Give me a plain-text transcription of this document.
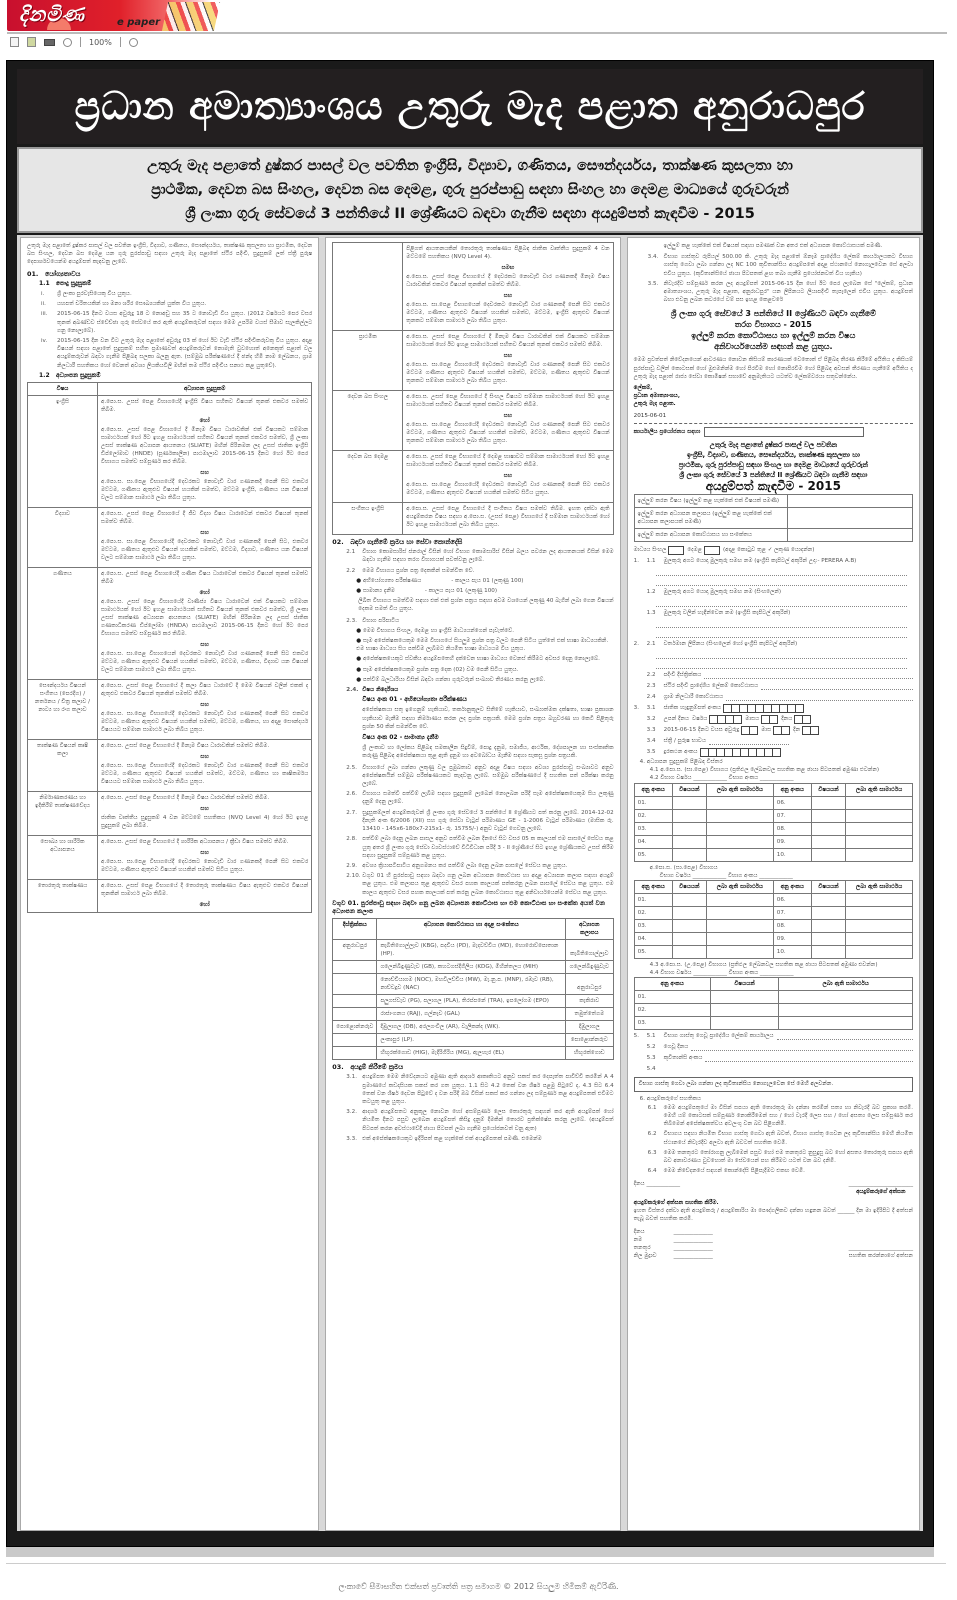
දිනමිණ	e paper
100%
ප්‍රධාන අමාත්‍යාංශය උතුරු මැද පළාත අනුරාධපුර

උතුරු මැද පළාතේ දුෂ්කර පාසල් වල පවතින ඉංග්‍රීසි, විද්‍යාව, ගණිතය, සෞන්දර්යය, තාක්ෂණ කුසලතා හා

ප්‍රාථමික, දෙවන බස සිංහල, දෙවන බස දෙමළ, ගුරු පුරප්පාඩු සඳහා සිංහල හා දෙමළ මාධ්‍යයේ ගුරුවරුන්

ශ්‍රී ලංකා ගුරු සේවයේ 3 පන්තියේ II ශ්‍රේණියට බඳවා ගැනීම සඳහා අයදුම්පත් කැඳවීම - 2015

උතුරු මැද පළාතේ දුෂ්කර පාසල් වල පවතින ඉංග්‍රීසි, විද්‍යාව, ගණිතය, සෞන්දර්යය, තාක්ෂණ කුසලතා හා ප්‍රාථමික, දෙවන බස සිංහල, දෙවන බස දෙමළ යන ගුරු පුරප්පාඩු සඳහා උතුරු මැද පළාතේ ස්ථිර පදිංචි, සුදුසුකම් ලත් ස්ත්‍රී පුරුෂ දෙපාර්ශවයෙන්ම අයදුම්පත් කැඳවනු ලැබේ.
01. යෝග්‍යතාවය
1.1 පොදු සුදුසුකම්
i.	ශ්‍රී ලංකා පුරවැසියෙකු විය යුතුය.
ii.	යහපත් චරිතයකින් හා මනා ශරීර සෞඛ්‍යයකින් යුක්ත විය යුතුය.
iii.	2015-06-15 දිනට වයස අවුරුදු 18 ට නොඅඩු සහ 35 ට නොවැඩි විය යුතුය. (2012 වර්ෂයට පෙර වසර තුනක් අඛණ්ඩව ස්වේච්ඡා ගුරු සේවයේ කර ඇති අයදුම්කරුවන් සඳහා මෙම උපරිම වයස් සීමාව සැලකිල්ලට ගනු නොලැබේ).
iv.	2015-06-15 දින වන විට උතුරු මැද පළාතේ අවුරුදු 03 ක් හෝ ඊට වැඩි ස්ථිර පදිංචිකරුවකු විය යුතුය. අදාළ විෂයන් සඳහා පළාතේ සුදුසුකම් සහිත ප්‍රමාණවත් අයදුම්කරුවන් නොමැති වුවහොත් අනෙකුත් පළාත් වල අයදුම්කරුවන් බඳවා ගැනීම පිළිබඳ සලකා බලනු ඇත. (සම්මුඛ පරීක්ෂණයේ දී ඡන්ද හිමි නාම ලේඛනය, ග්‍රාම නිලධාරී සහතිකය හෝ වෙනත් අවශ්‍ය ලියකියවිලි මඟින් තම ස්ථිර පදිංචිය සනාථ කළ යුතුවේ).
1.2 අධ්‍යාපන සුදුසුකම්
විෂය	අධ්‍යාපන සුදුසුකම්
ඉංග්‍රීසි	අ.පො.ස. උසස් පෙළ විභාගයේදී ඉංග්‍රීසි විෂය සහිතව විෂයන් තුනක් එකවර සමත්ව තිබීම.
හෝ
අ.පො.ස. උසස් පෙළ විභාගයේ දී මිනැම විෂය ධාරාවකින් එක් විෂයකට සම්මාන සාමාර්ථයක් හෝ ඊට ඉහළ සාමාර්ථයක් සහිතව විෂයන් තුනක් එකවර සමත්ව, ශ්‍රී ලංකා උසස් තාක්ෂණ අධ්‍යාපන ආයතනය (SLIATE) මඟින් පිරිනමන ලද උසස් ජාතික ඉංග්‍රීසි ඩිප්ලෝමාව (HNDE) (පූර්ණකාලීන) පාඨමාලාව 2015-06-15 දිනට හෝ ඊට පෙර විභාගය සමත්ව සම්පූර්ණ කර තිබීම.
සහ
අ.පො.ස. සා.පෙළ විභාගයේදී දෙවරකට නොවැඩි වාර ගණනකදී පෙනී සිට එකවර මට්ටම, ගණිතය ඇතුළුව විෂයන් හයකින් සමත්ව, මට්ටම ඉංග්‍රීසි, ගණිතය යන විෂයන් වලට සම්මාන සාමාර්ථ ලබා තිබිය යුතුය.

විද්‍යාව	අ.පො.ස. උසස් පෙළ විභාගයේ දී ජීව විද්‍යා විෂය ධාරාවෙන් එකවර විෂයන් තුනක් සමත්ව තිබීම.
සහ
අ.පො.ස. සා.පෙළ විභාගයේදී දෙවරකට නොවැඩි වාර ගණනකදී පෙනී සිට, එකවර මට්ටම, ගණිතය ඇතුළුව විෂයන් හයකින් සමත්ව, මට්ටම, විද්‍යාව, ගණිතය යන විෂයන් වලට සම්මාන සාමාර්ථ ලබා තිබිය යුතුය.

ගණිතය	අ.පො.ස. උසස් පෙළ විභාගයේදී ගණිත විෂය ධාරාවෙන් එකවර විෂයන් තුනක් සමත්ව තිබීම
හෝ
අ.පො.ස. උසස් පෙළ විභාගයේදී වාණිජ්‍ය විෂය ධාරාවෙන් එක් විෂයකට සම්මාන සාමාර්ථයක් හෝ ඊට ඉහළ සාමාර්ථයක් සහිතව විෂයන් තුනක් එකවර සමත්ව, ශ්‍රී ලංකා උසස් තාක්ෂණ අධ්‍යාපන ආයතනය (SLIATE) මඟින් පිරිනමන ලද උසස් ජාතික ගණකාධිකරණ ඩිප්ලෝමා (HNDA) පාඨමාලාව 2015-06-15 දිනට හෝ ඊට පෙර විභාගය සමත්ව සම්පූර්ණ කර තිබීම.
සහ
අ.පො.ස. සා.පෙළ විභාගයෙන් දෙවරකට නොවැඩි වාර ගණනකදී පෙනී සිට එකවර මට්ටම, ගණිතය ඇතුළුව විෂයන් හයකින් සමත්ව, මට්ටම, ගණිතය, විද්‍යාව යන විෂයන් වලට සම්මාන සාමාර්ථ ලබා තිබිය යුතුය.

සෞන්දර්යය විෂයන් සංගීතය (පෙරදිග) / නර්තනය / චිත්‍ර කලාව / නාට්‍ය හා රංග කලාව	අ.පො.ස. උසස් පෙළ විභාගයේ දී කලා විෂය ධාරාවේ දී මෙම විෂයන් වලින් එකක් ද ඇතුළුව එකවර විෂයන් තුනකින් සමත්ව තිබීම.
සහ
අ.පො.ස. සා.පෙළ විභාගයේදී දෙවරකට නොවැඩි වාර ගණනකදී පෙනී සිට එකවර මට්ටම, ගණිතය ඇතුළුව විෂයන් හයකින් සමත්ව, මට්ටම, ගණිතය, හා අදාළ සෞන්දර්ය විෂයයට සම්මාන සාමාර්ථ ලබා තිබිය යුතුය.

තාක්ෂණ විෂයන් කෘෂි කලා	අ.පො.ස. උසස් පෙළ විභාගයේ දී මිනැම විෂය ධාරාවකින් සමත්ව තිබීම.
සහ
අ.පො.ස. සා.පෙළ විභාගයේදී දෙවරකට නොවැඩි වාර ගණනකදී පෙනී සිට එකවර මට්ටම, ගණිතය ඇතුළුව විෂයන් හයකින් සමත්ව, මට්ටම, ගණිතය හා කෘෂිකර්මය විෂයයට සම්මාන සාමාර්ථ ලබා තිබිය යුතුය.

නිර්මාණකරණය හා ඉදිකිරීම් තාක්ෂණවේදය	අ.පො.ස. උසස් පෙළ විභාගයේ දී මිනැම විෂය ධාරාවකින් සමත්ව තිබීම.
සහ
ජාතික වෘත්තීය සුදුසුකම් 4 වන මට්ටමේ සහතිකය (NVQ Level 4) හෝ ඊට ඉහළ සුදුසුකම් ලබා තිබීම.

සෞඛ්‍ය හා ශාරීරික අධ්‍යාපනය	අ.පො.ස. උසස් පෙළ විභාගයේ දී ශාරීරික අධ්‍යාපනය / ක්‍රීඩා විෂය සමත්ව තිබීම.
සහ
අ.පො.ස. සා.පෙළ විභාගයේදී දෙවරකට නොවැඩි වාර ගණනකදී පෙනී සිට එකවර මට්ටම, ගණිතය ඇතුළුව විෂයන් හයකින් සමත්ව සිටිය යුතුය.

තොරතුරු තාක්ෂණය	අ.පො.ස. උසස් පෙළ විභාගයේ දී තොරතුරු තාක්ෂණය විෂය ඇතුළුව එකවර විෂයන් තුනකින් සාමාර්ථ ලබා තිබීම.
හෝ

	පිළිගත් ආයතනයකින් තොරතුරු තාක්ෂණය පිළිබඳ ජාතික වෘත්තීය සුදුසුකම් 4 වන මට්ටමේ සහතිකය (NVQ Level 4).
සමඟ
අ.පො.ස. උසස් පෙළ විභාගයේ දී දෙවරකට නොවැඩි වාර ගණනකදී මිනැම විෂය ධාරාවකින් එකවර විෂයන් තුනකින් සමත්ව තිබීම.
සහ
අ.පො.ස. සා.පෙළ විභාගයෙන් දෙවරකට නොවැඩි වාර ගණනකදී පෙනී සිට එකවර මට්ටම, ගණිතය ඇතුළුව විෂයන් හයකින් සමත්ව, මට්ටම, ඉංග්‍රීසි ඇතුළුව විෂයන් තුනකට සම්මාන සාමාර්ථ ලබා තිබිය යුතුය.

ප්‍රාථමික	අ.පො.ස. උසස් පෙළ විභාගයේ දී මිනැම විෂය ධාරාවකින් එක් විෂයකට සම්මාන සාමාර්ථයක් හෝ ඊට ඉහළ සාමාර්ථයක් සහිතව විෂයන් තුනක් එකවර සමත්ව තිබීම.
සහ
අ.පො.ස. සා.පෙළ විභාගයේදී දෙවරකට නොවැඩි වාර ගණනකදී පෙනී සිට එකවර මට්ටම ගණිතය ඇතුළුව විෂයන් හයකින් සමත්ව, මට්ටම, ගණිතය ඇතුළුව විෂයන් තුනකට සම්මාන සාමාර්ථ ලබා තිබිය යුතුය.

දෙවන බස සිංහල	අ.පො.ස. උසස් පෙළ විභාගයේ දී සිංහල විෂයට සම්මාන සාමාර්ථයක් හෝ ඊට ඉහළ සාමාර්ථයක් සහිතව විෂයන් තුනක් එකවර සමත්ව තිබීම.
සහ
අ.පො.ස. සා.පෙළ විභාගයේදී දෙවරකට නොවැඩි වාර ගණනකදී පෙනී සිට එකවර මට්ටම, ගණිතය ඇතුළුව විෂයන් හයකින් සමත්ව, මට්ටම, ගණිතය ඇතුළුව විෂයන් තුනකට සම්මාන සාමාර්ථ ලබා තිබිය යුතුය.

දෙවන බස දෙමළ	අ.පො.ස. උසස් පෙළ විභාගයේ දී දෙමළ භාෂාවට සම්මාන සාමාර්ථයක් හෝ ඊට ඉහළ සාමාර්ථයක් සහිතව විෂයන් තුනක් එකවර සමත්ව තිබීම.
සහ
අ.පො.ස. සා.පෙළ විභාගයේදී දෙවරකට නොවැඩි වාර ගණනකදී පෙනී සිට එකවර මට්ටම, ගණිතය ඇතුළුව විෂයන් හයකින් සමත්ව සිටිය යුතුය.

සංගීතය ඉංග්‍රීසි	අ.පො.ස. උසස් පෙළ විභාගයේ දී සංගීතය විෂය සමත්ව තිබීම. ඉහත දක්වා ඇති අයදුම්කරන විෂය සඳහා අ.පො.ස. (උසස් පෙළ) විභාගයේ දී සම්මාන සාමාර්ථයක් හෝ ඊට ඉහළ සාමාර්ථයක් ලබා තිබිය යුතුය.
02. බඳවා ගැනීමේ ක්‍රමය හා සේවා කොන්දේසි
2.1	විභාග කොමසාරිස් ජනරාල් විසින් හෝ විභාග කොමසාරිස් විසින් බලය පවරන ලද ආයතනයක් විසින් මෙම බඳවා ගැනීම සඳහා තරග විභාගයක් පවත්වනු ලැබේ.
2.2	මෙම විභාගය ප්‍රශ්න පත්‍ර දෙකකින් සමන්විත වේ.
● අභියෝග්‍යතා පරීක්ෂණය	- කාලය පැය 01 (ලකුණු 100)
● සාමාන්‍ය දැනීම	- කාලය පැය 01 (ලකුණු 100)
ලිඛිත විභාගය සමත්වීම සඳහා එක් එක් ප්‍රශ්න පත්‍රය සඳහා අවම වශයෙන් ලකුණු 40 බැගින් ලබා ගෙන විෂයන් දෙකම සමත් විය යුතුය.
2.3. විභාග පරිපාටිය
● මෙම විභාගය සිංහල, දෙමළ හා ඉංග්‍රීසි මාධ්‍යයන්ගෙන් පැවැත්වේ.
● සෑම අපේක්ෂකයෙකුම මෙම විභාගයේ සියලුම ප්‍රශ්න පත්‍ර වලට පෙනී සිටිය යුත්තේ එක් භාෂා මාධ්‍යයකිනි. එම භාෂා මාධ්‍යය සිය පත්වීම ලැබීමට නියමිත භාෂා මාධ්‍යයම විය යුතුය.
● අපේක්ෂකයෙකුට ස්වකීය අයදුම්පතෙහි දක්වෙන භාෂා මාධ්‍යය වෙනස් කිරීමට අවසර දෙනු නොලැබේ.
● සෑම අපේක්ෂකයෙකුම ප්‍රශ්න පත්‍ර දෙක (02) වම පෙනී සිටිය යුතුය.
● පත්වීම් බලධාරියා විසින් බඳවා ගන්නා ගුරුවරුන් සංඛ්‍යාව තීරණය කරනු ලැබේ.
2.4. විෂය නිර්දේශය
විෂය අංක 01 - අභියෝග්‍යතා පරීක්ෂණය
අපේක්ෂකයා සතු ඉගෙනුම් හැකියාව, තර්කානුකූලව සිතීමේ හැකියාව, සංඛ්‍යාත්මක දක්ෂතා, භාෂා ප්‍රකාශන හැකියාව මැනීම සඳහා නිර්මාණය කරන ලද ප්‍රශ්න පත්‍රයකි. මෙම ප්‍රශ්න පත්‍රය බහුවරණ හා කෙටි පිළිතුරු ප්‍රශ්න 50 කින් සමන්විත වේ.
විෂය අංක 02 - සාමාන්‍ය දැනීම
ශ්‍රී ලංකාව හා ලෝකය පිළිබඳ සමකාලීන සිදුවීම්, පොදු දැනුම, සමාජීය, ආර්ථික, දේශපාලන හා සංස්කෘතික කරුණු පිළිබඳ අපේක්ෂකයා තුළ ඇති දැනුම හා අවබෝධය මැනීම සඳහා සැකසූ ප්‍රශ්න පත්‍රයකි.
2.5. විභාගයේ ලබා ගන්නා ලකුණු වල ප්‍රමුඛතාව අනුව අදාළ විෂය සඳහා අවශ්‍ය පුරප්පාඩු සංඛ්‍යාවට අනුව අපේක්ෂකයින් සම්මුඛ පරීක්ෂණයකට කැඳවනු ලැබේ. සම්මුඛ පරීක්ෂණයේ දී සහතික පත් පරීක්ෂා කරනු ලැබේ.
2.6. විභාගය සමත්වී පත්වීම් ලැබීම සඳහා සුදුසුකම් ලැබෙන් නොලබන පරිදි සෑම අපේක්ෂකයෙකුම සිය ලකුණු දැනුම් දෙනු ලැබේ.
2.7. සුදුසුකම්ලත් අයදුම්කරුවන් ශ්‍රී ලංකා ගුරු සේවයේ 3 පන්තියේ II ශ්‍රේණියට පත් කරනු ලැබේ. 2014-12-02 දිනැති අංක 6/2006 (XII) සහ ගුරු සේවා වැටුප් පරිමාණය GE - 1-2006 වැටුප් පරිමාණය (මාසික රු. 13410 - 145x6-180x7-215x1- රු. 15755/-) අනුව වැටුප් ගෙවනු ලැබේ.
2.8. පත්වීම් ලබා දෙනු ලබන පාසල අනුව පත්වීම ලබන දිනයේ සිට වසර 05 ක කාලයක් එම පාසලේ සේවය කළ යුතු අතර ශ්‍රී ලංකා ගුරු සේවා ව්‍යවස්ථාවේ විධිවිධාන පරිදි 3 - II ශ්‍රේණියේ සිට ඉහළ ශ්‍රේණියකට උසස් කිරීම සඳහා සුදුසුකම් සම්පූර්ණ කළ යුතුය.
2.9. අවශ්‍ය ක්‍රියාපටිපාටිය අනුගමනය කර පත්වීම් ලබා දෙනු ලබන පාසලේ සේවය කළ යුතුය.
2.10. වගුව 01 හි පුරප්පාඩු සඳහා බඳවා ගනු ලබන අධ්‍යාපන කොට්ඨාස හා අදාළ අධ්‍යාපන කලාප සඳහා අයදුම් කළ යුතුය. එම කලාපය තුළ ඇතුළුව වසර පහක කාලයක් පත්කරනු ලබන පාසලේ සේවය කළ යුතුය. එම කාලය ඇතුළුව වසර පහක කාලයක් පත් කරනු ලබන කොට්ඨාසය තුළ අනිවාර්යයෙන්ම සේවය කළ යුතුය.
වගුව 01. පුරප්පාඩු සඳහා බඳවා ගනු ලබන අධ්‍යාපන කොට්ඨාස හා එම කොට්ඨාස හා සංකේත අයත් වන අධ්‍යාපන කලාප
දිස්ත්‍රික්කය	අධ්‍යාපන කොට්ඨාසය හා අදාළ සංකේතය	අධ්‍යාපන කලාපය
අනුරාධපුර	කැබිතිගොල්ලෑව (KBG), පදවිය (PD), මැදවච්චිය (MD), හොරොව්පොතාන (HP).	කැබිතිගොල්ලෑව
	ගලෙන්බිඳුණුවැව (GB), කහටගස්දිගිලිය (KDG), මිහින්තලය (MIH)	ගලෙන්බිඳුණුවැව
	නොච්චියාගම (NOC), මහවිලච්චිය (MW), මැ.නු.ප. (MNP), රඹෑව (RB), නාච්චදූව (NAC)	අනුරාධපුර
	පලුගස්වැව (PG), පලාගල (PLA), තිරප්පනේ (TRA), ඉපලෝගම (EPO)	කැකිරාව
	රාජාංගනය (RAJ), ගල්නෑව (GAL)	තඹුත්තේගම
පොළොන්නරුව	දිඹුලාගල (DB), අරලගංවිල (AR), වැලිකන්ද (WK).	දිඹුලාගල
	ලංකාපුර (LP).	පොළොන්නරුව
	හිඟුරක්ගොඩ (HIG), මැදිරිගිරිය (MG), ඇලහැර (EL)	හිඟුරක්ගොඩ
03. අයදුම් කිරීමේ ක්‍රමය
3.1. අයදුම්පත මෙම නිවේදනයට අමුණා ඇති ආදර්ශ ආකෘතියට අනුව සකස් කර දෙපැත්ත පාවිච්චි කරමින් A 4 ප්‍රමාණයේ කඩදාසියක සකස් කර ගත යුතුය. 1.1 සිට 4.2 තෙක් වන ශීර්ෂ පළමු පිටුවේ ද, 4.3 සිට 6.4 තෙක් වන ශීර්ෂ දෙවන පිටුවේ ද වන පරිදි ඔබ විසින් සකස් කර ගන්නා ලද සම්පූර්ණ කළ අයදුම්පතක් එවීමට කටයුතු කළ යුතුය.
3.2. ආදර්ශ අයදුම්පතට අනුකූල නොවන හෝ අසම්පූර්ණ ලෙස තොරතුරු සඳහන් කර ඇති අයදුම්පත් හෝ නියමිත දිනට පසුව ලැබෙන අයදුම්පත් කිසිදු දැනුම් දීමකින් තොරව ප්‍රතික්ෂේප කරනු ලැබේ. (අයදුම්පත් පිටපත් කරන අවස්ථාවේදී ඡායා පිටපත් ලබා ගැනීම ප්‍රයෝජනවත් වනු ඇත)
3.3. එක් අපේක්ෂකයෙකුට ඉදිරිපත් කළ හැක්කේ එක් අයදුම්පතක් පමණි. එමෙන්ම
ඉල්ලුම් කළ හැක්කේ එක් විෂයක් සඳහා පමණක් වන අතර එක් අධ්‍යාපන කොට්ඨාසයක් පමණි.
3.4. විභාග ගාස්තුව රුපියල් 500.00 කි. උතුරු මැද පළාතේ ඕනෑම ප්‍රාදේශීය ලේකම් කාර්යාලයකට විභාග ගාස්තු ගෙවා ලබා ගන්නා ලද NC 100 කුවිතාන්සිය අයදුම්පතේ අදාළ ස්ථානයේ නොගැලවෙන සේ අලවා එවිය යුතුය. (කුවිතාන්සියේ ඡායා පිටපතක් ළඟ තබා ගැනීම ප්‍රයෝජනවත් විය හැකිය)
3.5. නිවැරදිව සම්පූර්ණ කරන ලද අයදුම්පත් 2015-06-15 දින හෝ ඊට පෙර ලැබෙන සේ "ලේකම්, ප්‍රධාන අමාත්‍යාංශය, උතුරු මැද පළාත, අනුරාධපුර" යන ලිපිනයට ලියාපදිංචි තැපෑලෙන් එවිය යුතුය. අයදුම්පත් බහා එවනු ලබන කවරයේ වම් පස ඉහළ කෙළවරේ
ශ්‍රී ලංකා ගුරු සේවයේ 3 පන්තියේ II ශ්‍රේණියට බඳවා ගැනීමේ
තරග විභාගය - 2015
ඉල්ලුම් කරන කොට්ඨාසය හා ඉල්ලුම් කරන විෂය
අනිවාර්යයෙන්ම සඳහන් කළ යුතුය.
මෙම ප්‍රවත්පත් නිවේදනයෙන් ආවරණය නොවන කිසියම් කාරණයක් වෙතොත් ඒ පිළිබඳ තීරණ කිරීමේ අයිතිය ද කිසියම් පුරප්පාඩු වලින් කොටසක් හෝ මුළුමනින්ම හෝ පිරවීම හෝ නොපිරවීම හෝ පිළිබඳ අවසන් තීරණය ගැනීමේ අයිතිය ද උතුරු මැද පළාත් රාජ්‍ය සේවා කොමිෂන් සභාවේ අනුමැතියට යටත්ව ලේකම්වරයා සතුවන්නේය.
ලේකම්,
ප්‍රධාන අමාත්‍යාංශය,
උතුරු මැද පළාත.
2015-06-01
කාර්යාලීය ප්‍රයෝජනය සඳහා
උතුරු මැද පළාතේ දුෂ්කර පාසල් වල පවතින
ඉංග්‍රීසි, විද්‍යාව, ගණිතය, සෞන්දර්යය, තාක්ෂණ කුසලතා හා
ප්‍රාථමික, ගුරු පුරප්පාඩු සඳහා සිංහල හා දෙමළ මාධ්‍යයේ ගුරුවරුන්
ශ්‍රී ලංකා ගුරු සේවයේ 3 පන්තියේ II ශ්‍රේණියට බඳවා ගැනීම සඳහා
අයදුම්පත් කැඳවීම - 2015
ඉල්ලුම් කරන විෂය (ඉල්ලුම් කළ හැක්කේ එක් විෂයක් පමණි)	
ඉල්ලුම් කරන අධ්‍යාපන කලාපය (ඉල්ලුම් කළ හැක්කේ එක් අධ්‍යාපන කලාපයක් පමණි)	
ඉල්ලුම් කරන අධ්‍යාපන කොට්ඨාසය හා සංකේතය	
මාධ්‍යය සිංහල	දෙමළ	(අදාළ කොටුව තුළ ✓ ලකුණ යොදන්න)
1.	1.1	මුලකුරු අගට යොදා මුලකුරු සමඟ නම (ඉංග්‍රීසි කැපිටල් අකුරින් උදා:- PERERA A.B)
1.2	මුලකුරු අගට යොදා මුලකුරු සමඟ නම (සිංහලෙන්)
1.3	මුලකුරු වලින් හැඳින්වෙන නම (ඉංග්‍රීසි කැපිටල් අකුරින්)
2.	2.1	වර්තමාන ලිපිනය (සිංහලෙන් හෝ ඉංග්‍රීසි කැපිටල් අකුරින්)
2.2	පදිංචි දිස්ත්‍රික්කය
2.3	ස්ථිර පදිංචි ප්‍රාදේශීය ලේකම් කොට්ඨාසය
2.4	ග්‍රාම නිලධාරී කොට්ඨාසය
3.	3.1	ජාතික හැඳුනුම්පත් අංකය
3.2	උපන් දිනය වර්ෂය	මාසය	දිනය
3.3	2015-06-15 දිනට වයස අවුරුදු	මාස	දින
3.4	ස්ත්‍රී / පුරුෂ භාවය
3.5	දුරකථන අංකය
4. අධ්‍යාපන සුදුසුකම් පිළිබඳ විස්තර
4.1 අ.පො.ස. (සා.පෙළ) විභාගය (ප්‍රතිඵල ලේඛනවල සහතික කළ ඡායා පිටපතක් අමුණා එවන්න)
4.2 විභාග වර්ෂය ____________ විභාග අංකය ____________
අනු අංකය	විෂයයන්	ලබා ඇති සාමාර්ථය	අනු අංකය	විෂයයන්	ලබා ඇති සාමාර්ථය
01.			06.		
02.			07.		
03.			08.		
04.			09.		
05.			10.		
අ.පො.ස. (සා.පෙළ) විභාගය
විභාග වර්ෂය ____________ විභාග අංකය ____________
අනු අංකය	විෂයයන්	ලබා ඇති සාමාර්ථය	අනු අංකය	විෂයයන්	ලබා ඇති සාමාර්ථය
01.			06.		
02.			07.		
03.			08.		
04.			09.		
05.			10.		
4.3 අ.පො.ස. (උ.පෙළ) විභාගය (ප්‍රතිඵල ලේඛනවල සහතික කළ ඡායා පිටපතක් අමුණා එවන්න)
4.4 විභාග වර්ෂය ____________ විභාග අංකය ____________
අනු අංකය	විෂයයන්	ලබා ඇති සාමාර්ථය
01.		
02.		
03.		
5.	5.1	විභාග ගාස්තු ගෙවූ ප්‍රාදේශීය ලේකම් කාර්යාලය
5.2	ගෙවූ දිනය
5.3	කුවිතාන්සි අංකය
5.4
විභාග ගාස්තු ගෙවා ලබා ගන්නා ලද කුවිතාන්සිය නොගැලවෙන සේ මෙහි අලවන්න.
6. අයදුම්කරුගේ සහතිකය
6.1	මෙම අයදුම්පතුයේ මා විසින් සපයා ඇති තොරතුරු මා දන්නා තරමින් සත්‍ය හා නිවැරදි බව ප්‍රකාශ කරමි. මෙහි යම් කොටසක් සම්පූර්ණ නොකිරීමෙන් සහ / හෝ වැරදි ලෙස සහ / හෝ අසත්‍ය ලෙස සම්පූර්ණ කර තිබීමෙන් අපේක්ෂකත්වය අවලංගු වන බව පිළිගනිමි.
6.2	විභාගය සඳහා නියමිත විභාග ගාස්තු ගෙවා ඇති බවත්, විභාග ගාස්තු ගෙවන ලද කුවිතාන්සිය මෙහි නියමිත ස්ථානයේ නිවැරදිව අලවා ඇති බවටත් සහතික වෙමි.
6.3	මෙම තනතුරට තෝරාගනු ලැබීමෙන් පසුව හෝ එම තනතුරට නුසුදුසු බව හෝ අසත්‍ය තොරතුරු සපයා ඇති බව අනාවරණය වුවහොත් මා සේවයෙන් පහ කිරීමට යටත් වන බව දනිමි.
6.4	මෙම නිවේදනයේ සඳහන් කොන්දේසි පිළිපැදීමට එකඟ වෙමි.
දිනය ____________	_______________________
අයදුම්කරුගේ අත්සන
අයදුම්කරුගේ අත්සන සහතික කිරීම.
ඉහත විස්තර දක්වා ඇති අයදුම්කරු / අයදුම්කාරිය මා පෞද්ගලිකව දන්නා හඳුනන බවත් ______ දින මා ඉදිරිපිට දී අත්සන් තැබූ බවත් සහතික කරමි.
දිනය	______________
නම	______________
තනතුර	______________
නිල මුද්‍රාව	______________
_______________________
සහතික කරන්නාගේ අත්සන
ලංකාවේ සීමාසහිත එක්සත් ප්‍රවෘත්ති පත්‍ර සමාගම © 2012 සියලුම හිමිකම් ඇවිරිණි.
